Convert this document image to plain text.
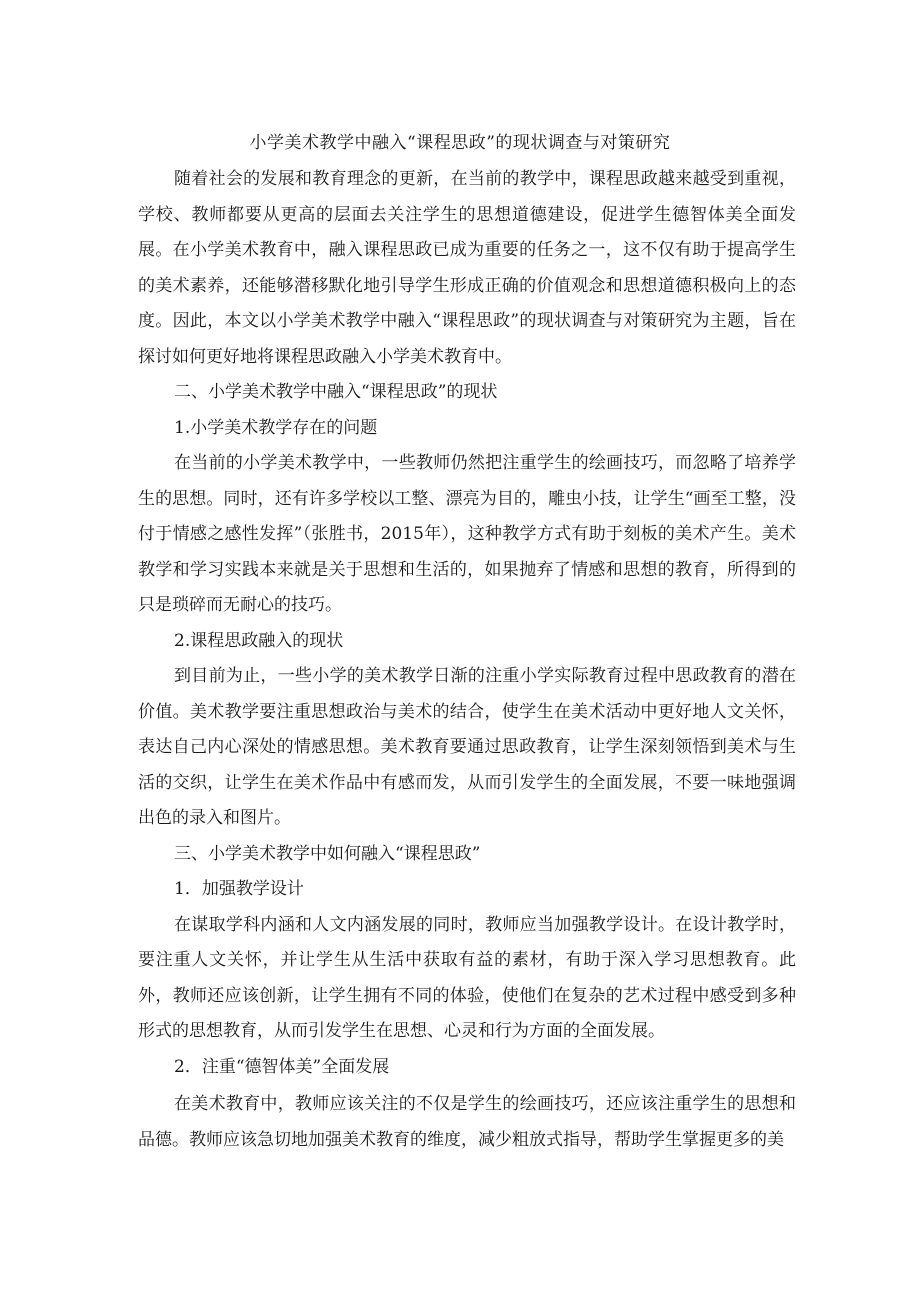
小学美术教学中融入“课程思政”的现状调查与对策研究

随着社会的发展和教育理念的更新，在当前的教学中，课程思政越来越受到重视，学校、教师都要从更高的层面去关注学生的思想道德建设，促进学生德智体美全面发展。在小学美术教育中，融入课程思政已成为重要的任务之一，这不仅有助于提高学生的美术素养，还能够潜移默化地引导学生形成正确的价值观念和思想道德积极向上的态度。因此，本文以小学美术教学中融入“课程思政”的现状调查与对策研究为主题，旨在探讨如何更好地将课程思政融入小学美术教育中。

二、小学美术教学中融入“课程思政”的现状

1.小学美术教学存在的问题

在当前的小学美术教学中，一些教师仍然把注重学生的绘画技巧，而忽略了培养学生的思想。同时，还有许多学校以工整、漂亮为目的，雕虫小技，让学生“画至工整，没付于情感之感性发挥”（张胜书，2015年），这种教学方式有助于刻板的美术产生。美术教学和学习实践本来就是关于思想和生活的，如果抛弃了情感和思想的教育，所得到的只是琐碎而无耐心的技巧。

2.课程思政融入的现状

到目前为止，一些小学的美术教学日渐的注重小学实际教育过程中思政教育的潜在价值。美术教学要注重思想政治与美术的结合，使学生在美术活动中更好地人文关怀，表达自己内心深处的情感思想。美术教育要通过思政教育，让学生深刻领悟到美术与生活的交织，让学生在美术作品中有感而发，从而引发学生的全面发展，不要一味地强调出色的录入和图片。

三、小学美术教学中如何融入“课程思政”

1．加强教学设计

在谋取学科内涵和人文内涵发展的同时，教师应当加强教学设计。在设计教学时，要注重人文关怀，并让学生从生活中获取有益的素材，有助于深入学习思想教育。此外，教师还应该创新，让学生拥有不同的体验，使他们在复杂的艺术过程中感受到多种形式的思想教育，从而引发学生在思想、心灵和行为方面的全面发展。

2．注重“德智体美”全面发展

在美术教育中，教师应该关注的不仅是学生的绘画技巧，还应该注重学生的思想和品德。教师应该急切地加强美术教育的维度，减少粗放式指导，帮助学生掌握更多的美
